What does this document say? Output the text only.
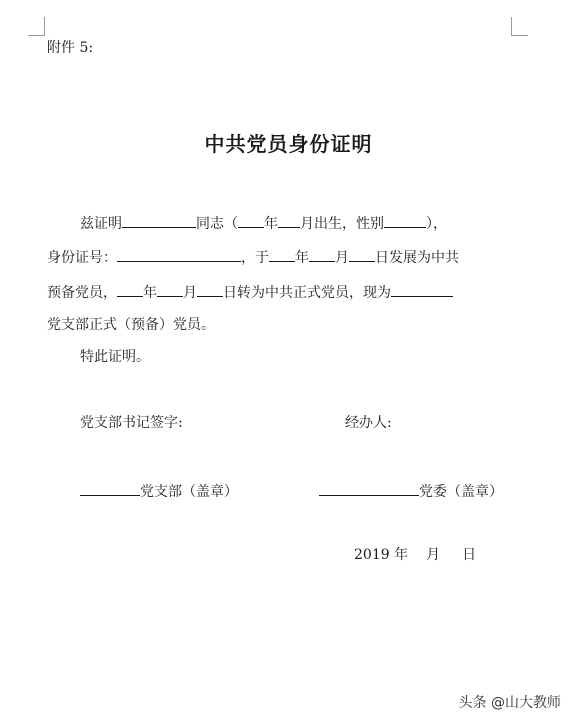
附件 5:
中共党员身份证明
兹证明	同志（ 年 月出生，性别	），
身份证号：	，于 年 月 日发展为中共
预备党员， 年 月 日转为中共正式党员，现为
党支部正式（预备）党员。
特此证明。
党支部书记签字:	经办人:
党支部（盖章）	党委（盖章）
2019 年 月 日
头条 @山大教师
